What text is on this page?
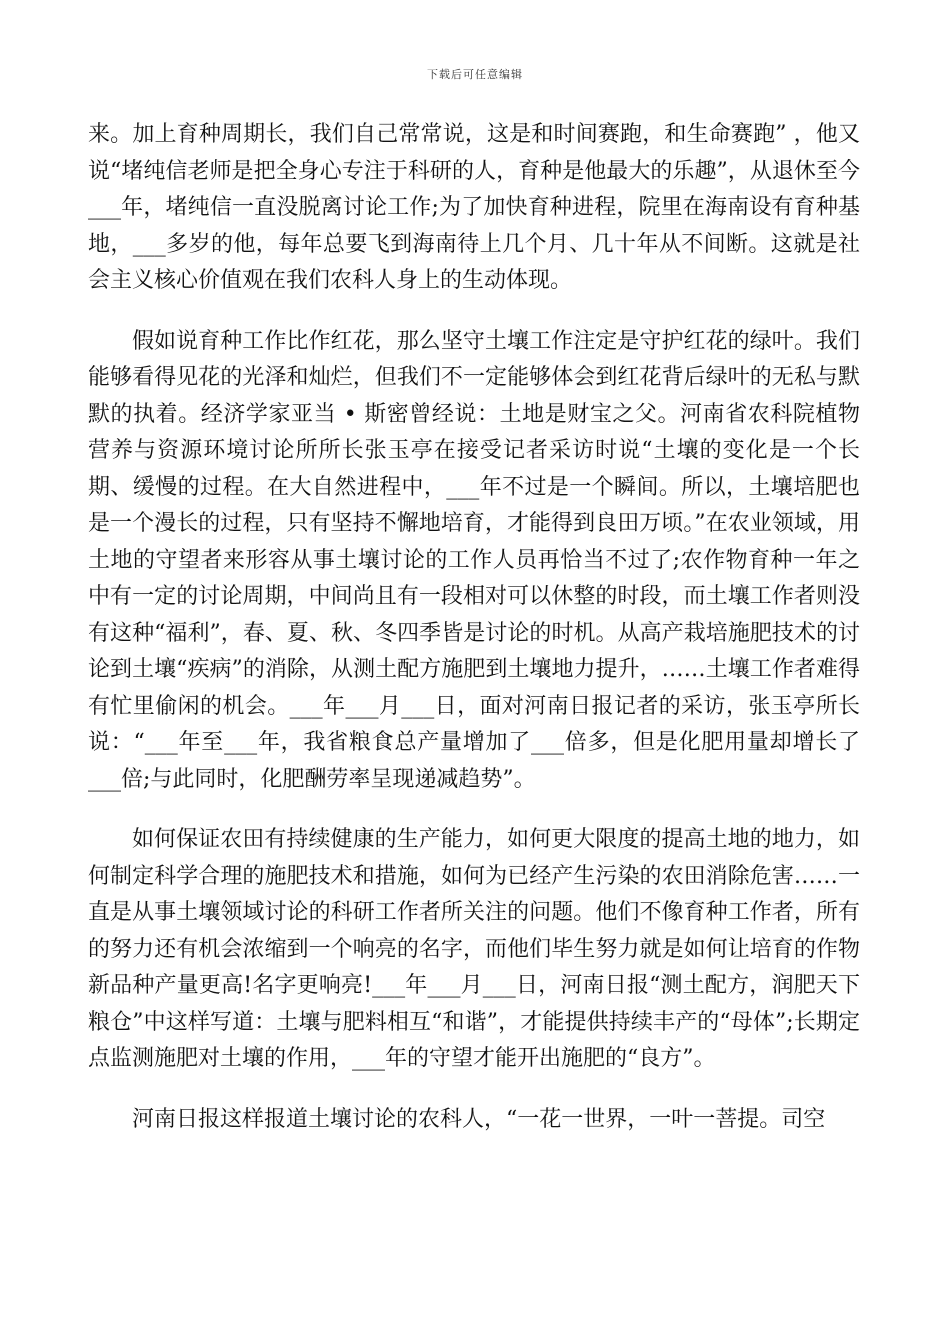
下载后可任意编辑

来。加上育种周期长，我们自己常常说，这是和时间赛跑，和生命赛跑” ，他又说“堵纯信老师是把全身心专注于科研的人，育种是他最大的乐趣”，从退休至今___年，堵纯信一直没脱离讨论工作;为了加快育种进程，院里在海南设有育种基地，___多岁的他，每年总要飞到海南待上几个月、几十年从不间断。这就是社会主义核心价值观在我们农科人身上的生动体现。

假如说育种工作比作红花，那么坚守土壤工作注定是守护红花的绿叶。我们能够看得见花的光泽和灿烂，但我们不一定能够体会到红花背后绿叶的无私与默默的执着。经济学家亚当 • 斯密曾经说：土地是财宝之父。河南省农科院植物营养与资源环境讨论所所长张玉亭在接受记者采访时说“土壤的变化是一个长期、缓慢的过程。在大自然进程中，___年不过是一个瞬间。所以，土壤培肥也是一个漫长的过程，只有坚持不懈地培育，才能得到良田万顷。”在农业领域，用土地的守望者来形容从事土壤讨论的工作人员再恰当不过了;农作物育种一年之中有一定的讨论周期，中间尚且有一段相对可以休整的时段，而土壤工作者则没有这种“福利”，春、夏、秋、冬四季皆是讨论的时机。从高产栽培施肥技术的讨论到土壤“疾病”的消除，从测土配方施肥到土壤地力提升，……土壤工作者难得有忙里偷闲的机会。___年___月___日，面对河南日报记者的采访，张玉亭所长说：“___年至___年，我省粮食总产量增加了___倍多，但是化肥用量却增长了___倍;与此同时，化肥酬劳率呈现递减趋势”。

如何保证农田有持续健康的生产能力，如何更大限度的提高土地的地力，如何制定科学合理的施肥技术和措施，如何为已经产生污染的农田消除危害……一直是从事土壤领域讨论的科研工作者所关注的问题。他们不像育种工作者，所有的努力还有机会浓缩到一个响亮的名字，而他们毕生努力就是如何让培育的作物新品种产量更高!名字更响亮!___年___月___日，河南日报“测土配方，润肥天下粮仓”中这样写道：土壤与肥料相互“和谐”，才能提供持续丰产的“母体”;长期定点监测施肥对土壤的作用，___年的守望才能开出施肥的“良方”。

河南日报这样报道土壤讨论的农科人，“一花一世界，一叶一菩提。司空
